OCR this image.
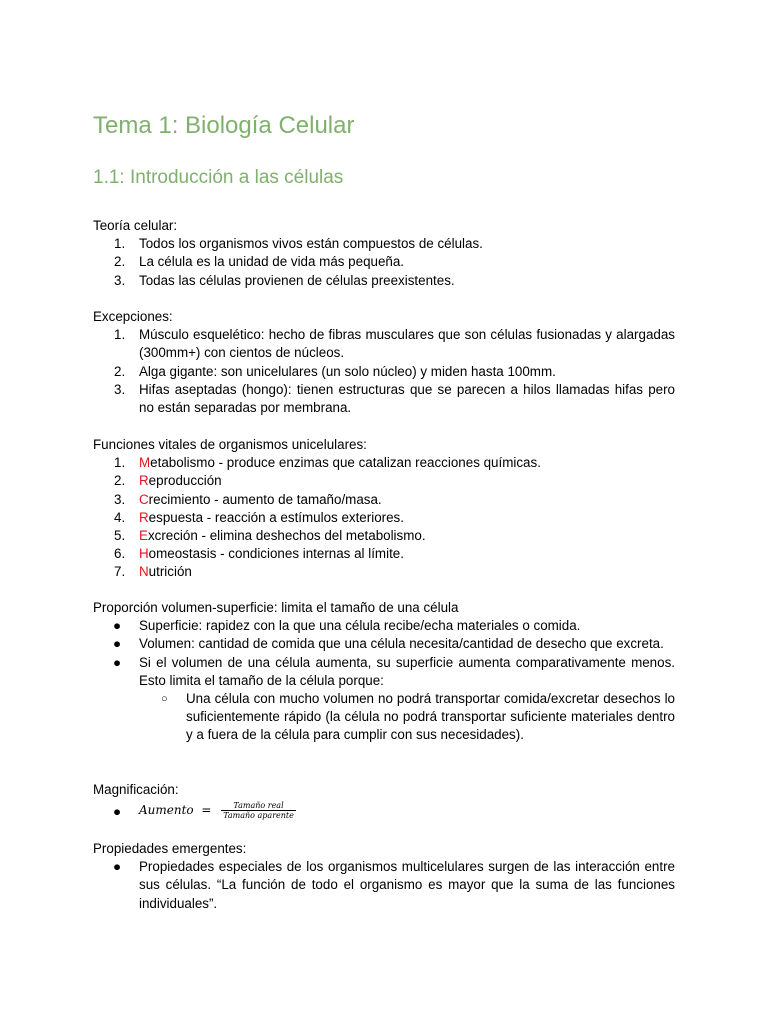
Tema 1: Biología Celular
1.1: Introducción a las células

Teoría celular:

1. Todos los organismos vivos están compuestos de células.
2. La célula es la unidad de vida más pequeña.
3. Todas las células provienen de células preexistentes.

Excepciones:

1. Músculo esquelético: hecho de fibras musculares que son células fusionadas y alargadas (300mm+) con cientos de núcleos.
2. Alga gigante: son unicelulares (un solo núcleo) y miden hasta 100mm.
3. Hifas aseptadas (hongo): tienen estructuras que se parecen a hilos llamadas hifas pero no están separadas por membrana.

Funciones vitales de organismos unicelulares:

1. Metabolismo - produce enzimas que catalizan reacciones químicas.
2. Reproducción
3. Crecimiento - aumento de tamaño/masa.
4. Respuesta - reacción a estímulos exteriores.
5. Excreción - elimina deshechos del metabolismo.
6. Homeostasis - condiciones internas al límite.
7. Nutrición

Proporción volumen-superficie: limita el tamaño de una célula

● Superficie: rapidez con la que una célula recibe/echa materiales o comida.
● Volumen: cantidad de comida que una célula necesita/cantidad de desecho que excreta.
● Si el volumen de una célula aumenta, su superficie aumenta comparativamente menos. Esto limita el tamaño de la célula porque:
○ Una célula con mucho volumen no podrá transportar comida/excretar desechos lo suficientemente rápido (la célula no podrá transportar suficiente materiales dentro y a fuera de la célula para cumplir con sus necesidades).

Magnificación:

● Aumento = $\frac{\text{Tamaño real}}{\text{Tamaño aparente}}$

Propiedades emergentes:

● Propiedades especiales de los organismos multicelulares surgen de las interacción entre sus células. “La función de todo el organismo es mayor que la suma de las funciones individuales”.
